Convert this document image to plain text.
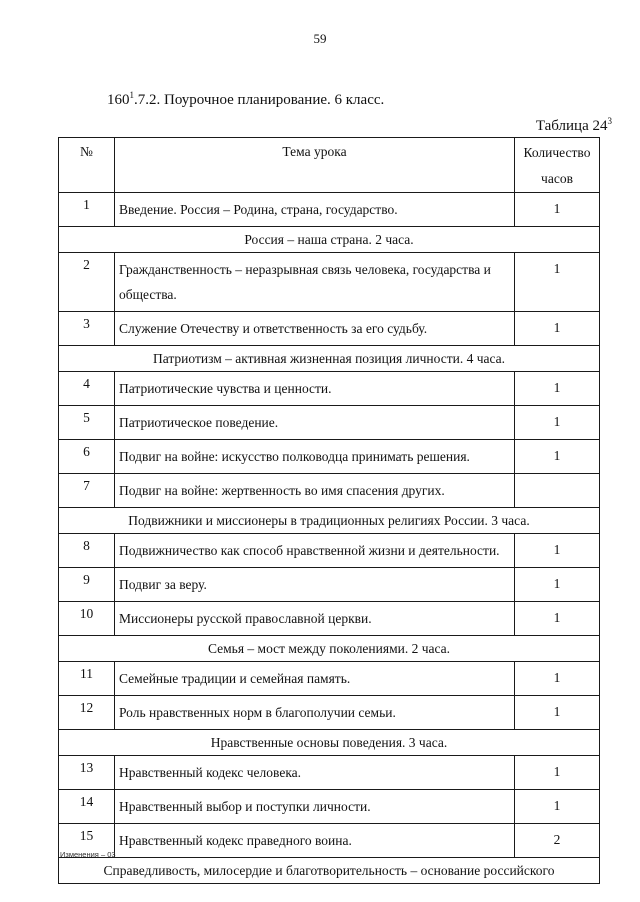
59
$160^1.7.2$. Поурочное планирование. 6 класс.
Таблица $24^3$
№	Тема урока	Количество
часов
1	Введение. Россия – Родина, страна, государство.	1
Россия – наша страна. 2 часа.		
2	Гражданственность – неразрывная связь человека, государства и общества.	1
3	Служение Отечеству и ответственность за его судьбу.	1
Патриотизм – активная жизненная позиция личности. 4 часа.		
4	Патриотические чувства и ценности.	1
5	Патриотическое поведение.	1
6	Подвиг на войне: искусство полководца принимать решения.	1
7	Подвиг на войне: жертвенность во имя спасения других.	
Подвижники и миссионеры в традиционных религиях России. 3 часа.		
8	Подвижничество как способ нравственной жизни и деятельности.	1
9	Подвиг за веру.	1
10	Миссионеры русской православной церкви.	1
Семья – мост между поколениями. 2 часа.		
11	Семейные традиции и семейная память.	1
12	Роль нравственных норм в благополучии семьи.	1
Нравственные основы поведения. 3 часа.		
13	Нравственный кодекс человека.	1
14	Нравственный выбор и поступки личности.	1
15	Нравственный кодекс праведного воина.	2
Справедливость, милосердие и благотворительность – основание российского		
Изменения – 03
